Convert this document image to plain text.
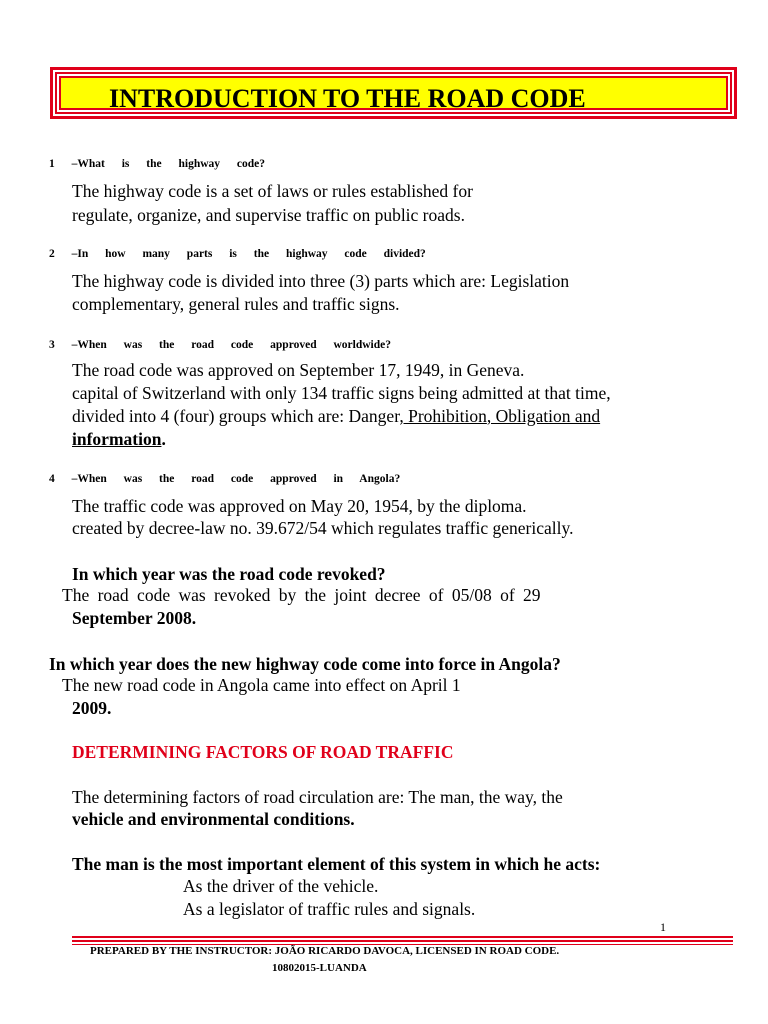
INTRODUCTION TO THE ROAD CODE
1 –What is the highway code?
The highway code is a set of laws or rules established for
regulate, organize, and supervise traffic on public roads.
2 –In how many parts is the highway code divided?
The highway code is divided into three (3) parts which are: Legislation
complementary, general rules and traffic signs.
3 –When was the road code approved worldwide?
The road code was approved on September 17, 1949, in Geneva.
capital of Switzerland with only 134 traffic signs being admitted at that time,
divided into 4 (four) groups which are: Danger, Prohibition, Obligation and
information.
4 –When was the road code approved in Angola?
The traffic code was approved on May 20, 1954, by the diploma.
created by decree-law no. 39.672/54 which regulates traffic generically.
In which year was the road code revoked?
The road code was revoked by the joint decree of 05/08 of 29
September 2008.
In which year does the new highway code come into force in Angola?
The new road code in Angola came into effect on April 1
2009.
DETERMINING FACTORS OF ROAD TRAFFIC
The determining factors of road circulation are: The man, the way, the
vehicle and environmental conditions.
The man is the most important element of this system in which he acts:
As the driver of the vehicle.
As a legislator of traffic rules and signals.
1
PREPARED BY THE INSTRUCTOR: JOÃO RICARDO DAVOCA, LICENSED IN ROAD CODE.
10802015-LUANDA
